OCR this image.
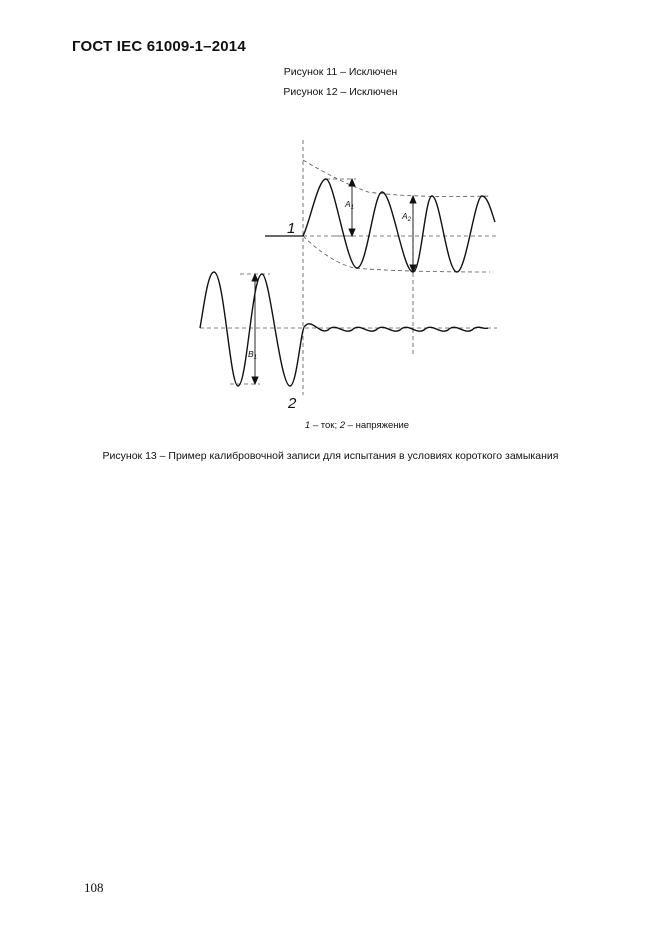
ГОСТ IEC 61009-1–2014
Рисунок 11 – Исключен
Рисунок 12 – Исключен
1
2
$A_1$
$A_2$
$B_1$
1 – ток; 2 – напряжение
Рисунок 13 – Пример калибровочной записи для испытания в условиях короткого замыкания
108
